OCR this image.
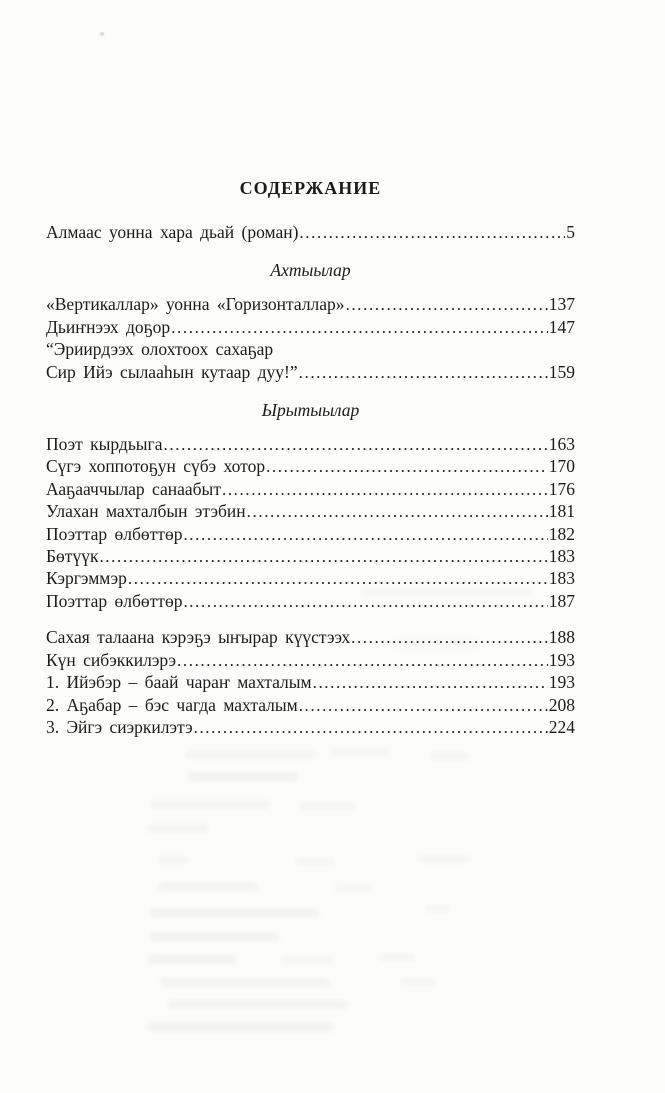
СОДЕРЖАНИЕ
Алмаас уонна хара дьай (роман) .....	5
Ахтыылар
«Вертикаллар» уонна «Горизонталлар» .....	137
Дьиҥнээх доҕор .....	147
“Эриирдээх олохтоох сахаҕар
Сир Ийэ сылааһын кутаар дуу!” .....	159
Ырытыылар
Поэт кырдьыга .....	163
Сүгэ хоппотоҕун сүбэ хотор .....	170
Ааҕааччылар санаабыт .....	176
Улахан махталбын этэбин .....	181
Поэттар өлбөттөр .....	182
Бөтүүк .....	183
Кэргэммэр .....	183
Поэттар өлбөттөр .....	187
Сахая талаана кэрэҕэ ыҥырар күүстээх .....	188
Күн сибэккилэрэ .....	193
1. Ийэбэр – баай чараҥ махталым .....	193
2. Аҕабар – бэс чагда махталым .....	208
3. Эйгэ сиэркилэтэ .....	224
